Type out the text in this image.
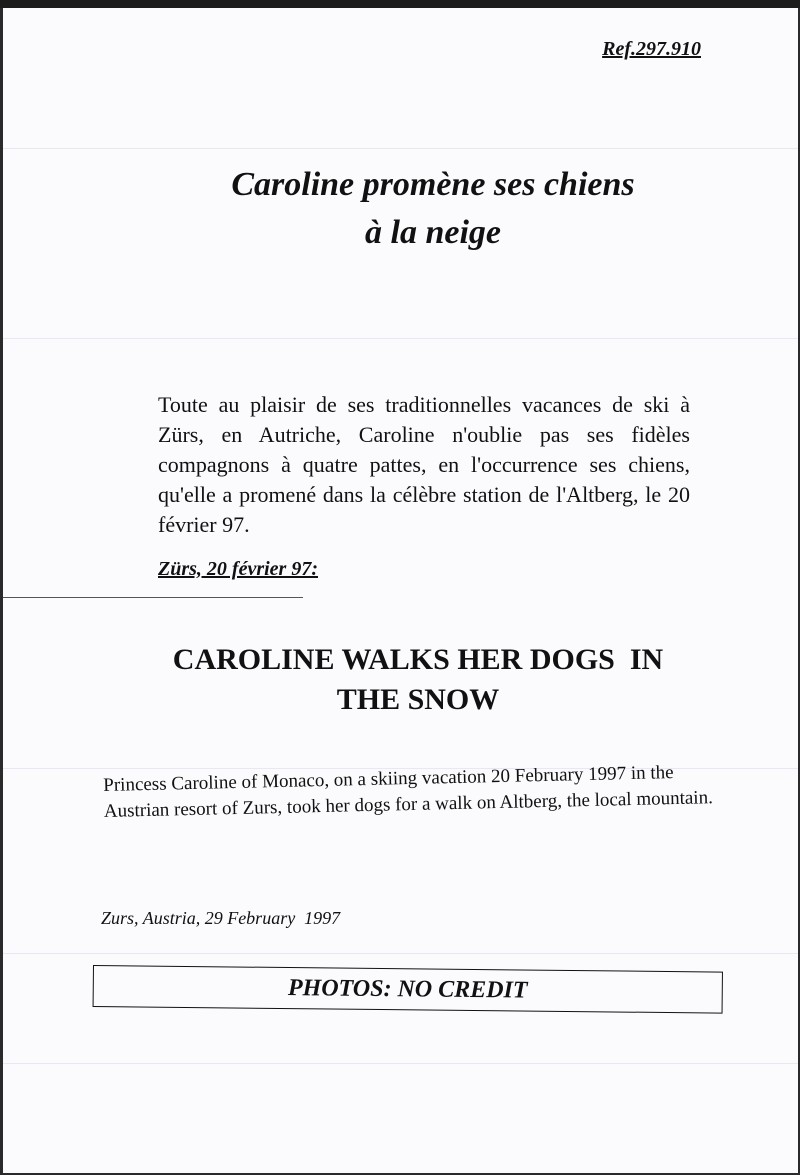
Ref.297.910
Caroline promène ses chiens
à la neige
Toute au plaisir de ses traditionnelles vacances de ski à Zürs, en Autriche, Caroline n'oublie pas ses fidèles compagnons à quatre pattes, en l'occurrence ses chiens, qu'elle a promené dans la célèbre station de l'Altberg, le 20 février 97.
Zürs, 20 février 97:
CAROLINE WALKS HER DOGS  IN
THE SNOW
Princess Caroline of Monaco, on a skiing vacation 20 February 1997 in the Austrian resort of Zurs, took her dogs for a walk on Altberg, the local mountain.
Zurs, Austria, 29 February  1997
PHOTOS: NO CREDIT
